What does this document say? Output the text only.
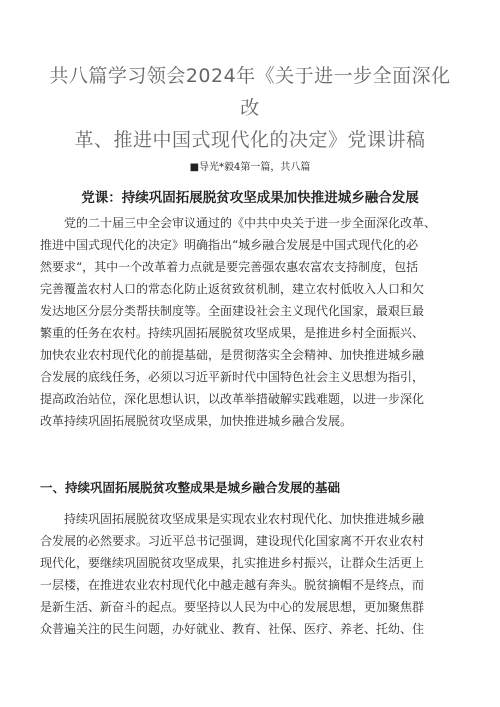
共八篇学习领会2024年《关于进一步全面深化改
革、推进中国式现代化的决定》党课讲稿
■导光*毅4第一篇，共八篇
党课：持续巩固拓展脱贫攻坚成果加快推进城乡融合发展
党的二十届三中全会审议通过的《中共中央关于进一步全面深化改革、
推进中国式现代化的决定》明确指出“城乡融合发展是中国式现代化的必
然要求“，其中一个改革着力点就是要完善强农惠农富农支持制度，包括
完善覆盖农村人口的常态化防止返贫致贫机制，建立农村低收入人口和欠
发达地区分层分类帮扶制度等。全面建设社会主义现代化国家，最艰巨最
繁重的任务在农村。持续巩固拓展脱贫攻坚成果，是推进乡村全面振兴、
加快农业农村现代化的前提基础，是贯彻落实全会精神、加快推进城乡融
合发展的底线任务，必须以习近平新时代中国特色社会主义思想为指引，
提高政治站位，深化思想认识，以改革举措破解实践难题，以进一步深化
改革持续巩固拓展脱贫攻坚成果，加快推进城乡融合发展。
一、持续巩固拓展脱贫攻整成果是城乡融合发展的基础
持续巩固拓展脱贫攻坚成果是实现农业农村现代化、加快推进城乡融
合发展的必然要求。习近平总书记强调，建设现代化国家离不开农业农村
现代化，要继续巩固脱贫攻坚成果，扎实推进乡村振兴，让群众生活更上
一层楼，在推进农业农村现代化中越走越有奔头。脱贫摘帽不是终点，而
是新生活、新奋斗的起点。要坚持以人民为中心的发展思想，更加聚焦群
众普遍关注的民生问题，办好就业、教育、社保、医疗、养老、托幼、住
